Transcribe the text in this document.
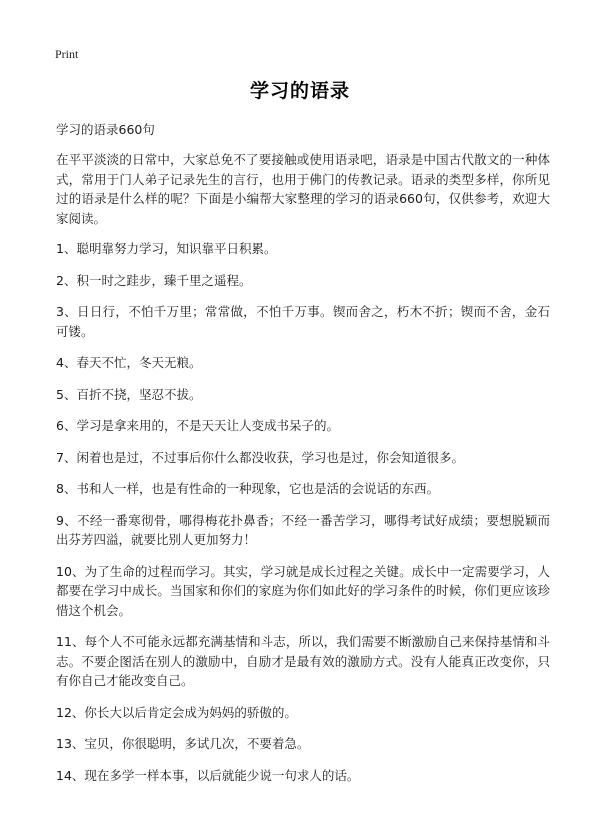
Print
学习的语录
学习的语录660句

在平平淡淡的日常中，大家总免不了要接触或使用语录吧，语录是中国古代散文的一种体式，常用于门人弟子记录先生的言行，也用于佛门的传教记录。语录的类型多样，你所见过的语录是什么样的呢？下面是小编帮大家整理的学习的语录660句，仅供参考，欢迎大家阅读。

1、聪明靠努力学习，知识靠平日积累。

2、积一时之跬步，臻千里之遥程。

3、日日行，不怕千万里；常常做，不怕千万事。锲而舍之，朽木不折；锲而不舍，金石可镂。

4、春天不忙，冬天无粮。

5、百折不挠，坚忍不拔。

6、学习是拿来用的，不是天天让人变成书呆子的。

7、闲着也是过，不过事后你什么都没收获，学习也是过，你会知道很多。

8、书和人一样，也是有性命的一种现象，它也是活的会说话的东西。

9、不经一番寒彻骨，哪得梅花扑鼻香；不经一番苦学习，哪得考试好成绩；要想脱颖而出芬芳四溢，就要比别人更加努力！

10、为了生命的过程而学习。其实，学习就是成长过程之关键。成长中一定需要学习，人都要在学习中成长。当国家和你们的家庭为你们如此好的学习条件的时候，你们更应该珍惜这个机会。

11、每个人不可能永远都充满基情和斗志，所以，我们需要不断激励自己来保持基情和斗志。不要企图活在别人的激励中，自励才是最有效的激励方式。没有人能真正改变你，只有你自己才能改变自己。

12、你长大以后肯定会成为妈妈的骄傲的。

13、宝贝，你很聪明，多试几次，不要着急。

14、现在多学一样本事，以后就能少说一句求人的话。
